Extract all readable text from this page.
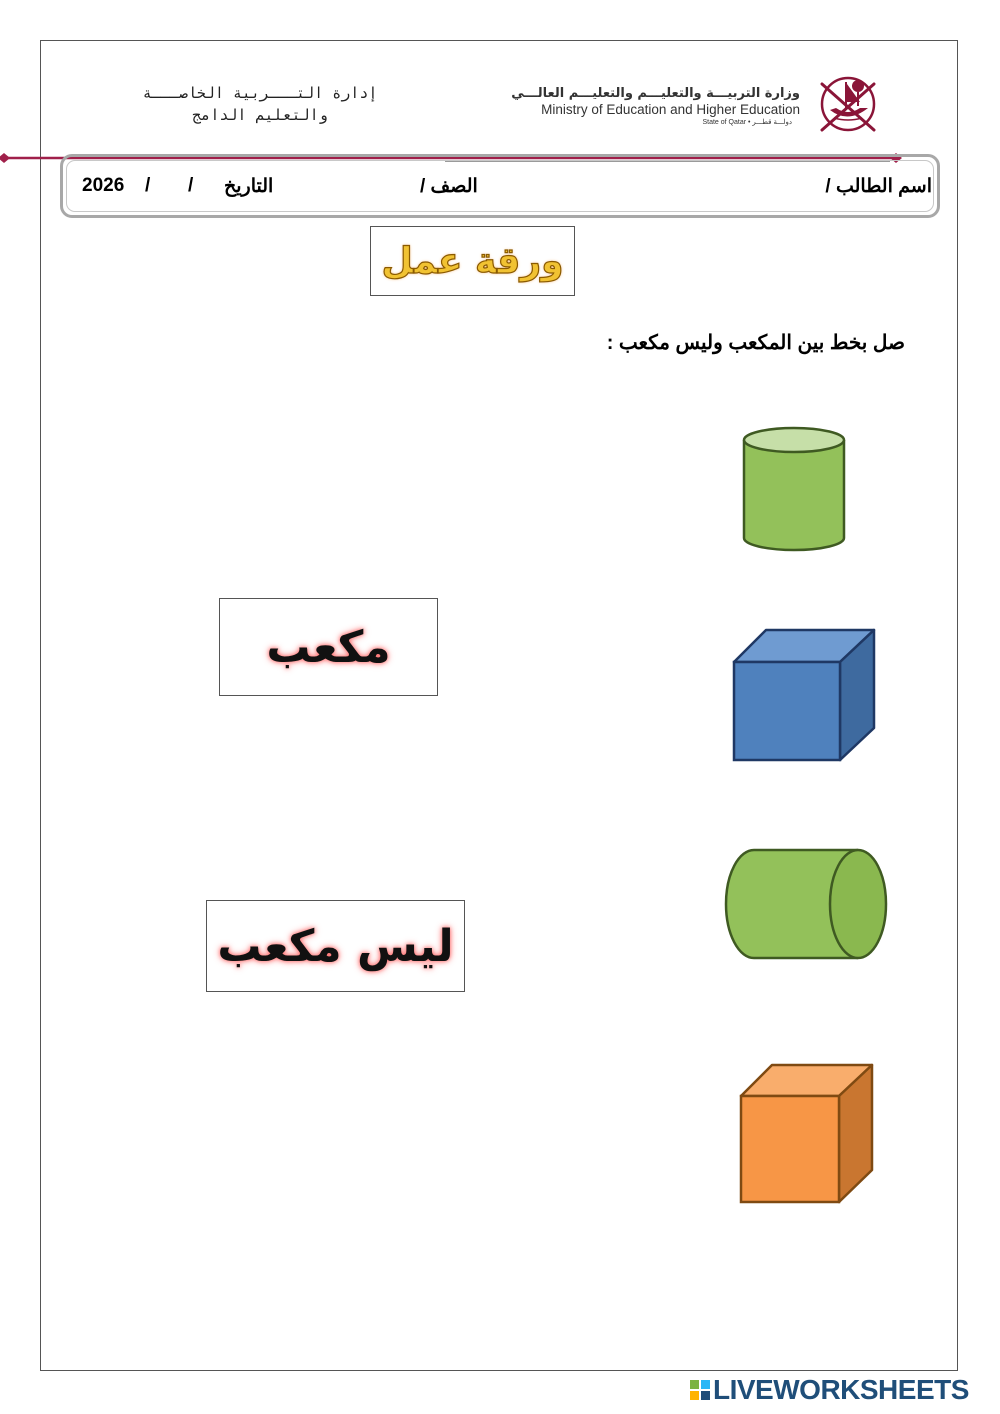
إدارة التـــربية الخاصـــة
والتعليم الدامج
وزارة التربيـــة والتعليـــم والتعليـــم العالـــي
Ministry of Education and Higher Education
State of Qatar • دولـــة قطـــر
اسم الطالب /
الصف /
التاريخ
/
/
2026
ورقة عمل
صل بخط بين المكعب وليس مكعب :
مكعب
ليس مكعب
LIVEWORKSHEETS
